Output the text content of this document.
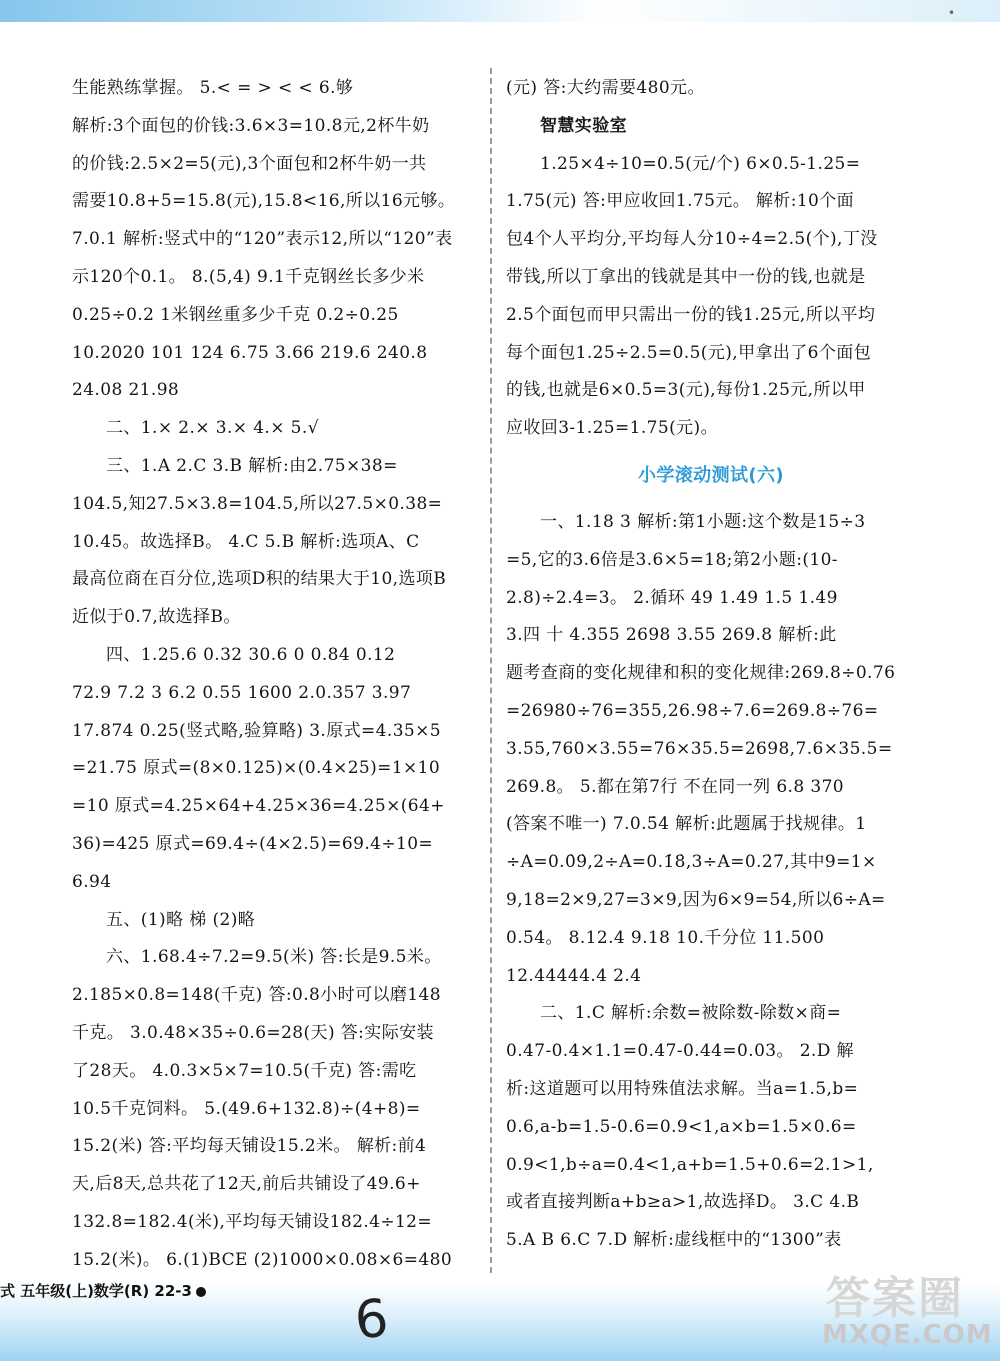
•
生能熟练掌握。 5.< = > < < 6.够
解析:3个面包的价钱:3.6×3=10.8元,2杯牛奶
的价钱:2.5×2=5(元),3个面包和2杯牛奶一共
需要10.8+5=15.8(元),15.8<16,所以16元够。
7.0.1 解析:竖式中的“120”表示12,所以“120”表
示120个0.1。 8.(5,4) 9.1千克钢丝长多少米
0.25÷0.2 1米钢丝重多少千克 0.2÷0.25
10.2020 101 124 6.75 3.66 219.6 240.8
24.08 21.98
二、1.× 2.× 3.× 4.× 5.√
三、1.A 2.C 3.B 解析:由2.75×38=
104.5,知27.5×3.8=104.5,所以27.5×0.38=
10.45。故选择B。 4.C 5.B 解析:选项A、C
最高位商在百分位,选项D积的结果大于10,选项B
近似于0.7,故选择B。
四、1.25.6 0.32 30.6 0 0.84 0.12
72.9 7.2 3 6.2 0.55 1600 2.0.357 3.97
17.874 0.25(竖式略,验算略) 3.原式=4.35×5
=21.75 原式=(8×0.125)×(0.4×25)=1×10
=10 原式=4.25×64+4.25×36=4.25×(64+
36)=425 原式=69.4÷(4×2.5)=69.4÷10=
6.94
五、(1)略 梯 (2)略
六、1.68.4÷7.2=9.5(米) 答:长是9.5米。
2.185×0.8=148(千克) 答:0.8小时可以磨148
千克。 3.0.48×35÷0.6=28(天) 答:实际安装
了28天。 4.0.3×5×7=10.5(千克) 答:需吃
10.5千克饲料。 5.(49.6+132.8)÷(4+8)=
15.2(米) 答:平均每天铺设15.2米。 解析:前4
天,后8天,总共花了12天,前后共铺设了49.6+
132.8=182.4(米),平均每天铺设182.4÷12=
15.2(米)。 6.(1)BCE (2)1000×0.08×6=480
(元) 答:大约需要480元。
智慧实验室
1.25×4÷10=0.5(元/个) 6×0.5-1.25=
1.75(元) 答:甲应收回1.75元。 解析:10个面
包4个人平均分,平均每人分10÷4=2.5(个),丁没
带钱,所以丁拿出的钱就是其中一份的钱,也就是
2.5个面包而甲只需出一份的钱1.25元,所以平均
每个面包1.25÷2.5=0.5(元),甲拿出了6个面包
的钱,也就是6×0.5=3(元),每份1.25元,所以甲
应收回3-1.25=1.75(元)。
小学滚动测试(六)
一、1.18 3 解析:第1小题:这个数是15÷3
=5,它的3.6倍是3.6×5=18;第2小题:(10-
2.8)÷2.4=3。 2.循环 49 1.49 1.5 1.49
3.四 十 4.355 2698 3.55 269.8 解析:此
题考查商的变化规律和积的变化规律:269.8÷0.76
=26980÷76=355,26.98÷7.6=269.8÷76=
3.55,760×3.55=76×35.5=2698,7.6×35.5=
269.8。 5.都在第7行 不在同一列 6.8 370
(答案不唯一) 7.0.5̇4̇ 解析:此题属于找规律。1
÷A=0.0̇9̇,2÷A=0.1̇8̇,3÷A=0.2̇7̇,其中9=1×
9,18=2×9,27=3×9,因为6×9=54,所以6÷A=
0.5̇4̇。 8.12.4 9.18 10.千分位 11.500
12.44444.4 2.4
二、1.C 解析:余数=被除数-除数×商=
0.47-0.4×1.1=0.47-0.44=0.03。 2.D 解
析:这道题可以用特殊值法求解。当a=1.5,b=
0.6,a-b=1.5-0.6=0.9<1,a×b=1.5×0.6=
0.9<1,b÷a=0.4<1,a+b=1.5+0.6=2.1>1,
或者直接判断a+b≥a>1,故选择D。 3.C 4.B
5.A B 6.C 7.D 解析:虚线框中的“1300”表
式 五年级(上)数学(R) 22-3	6	答案圈
MXQE.COM
